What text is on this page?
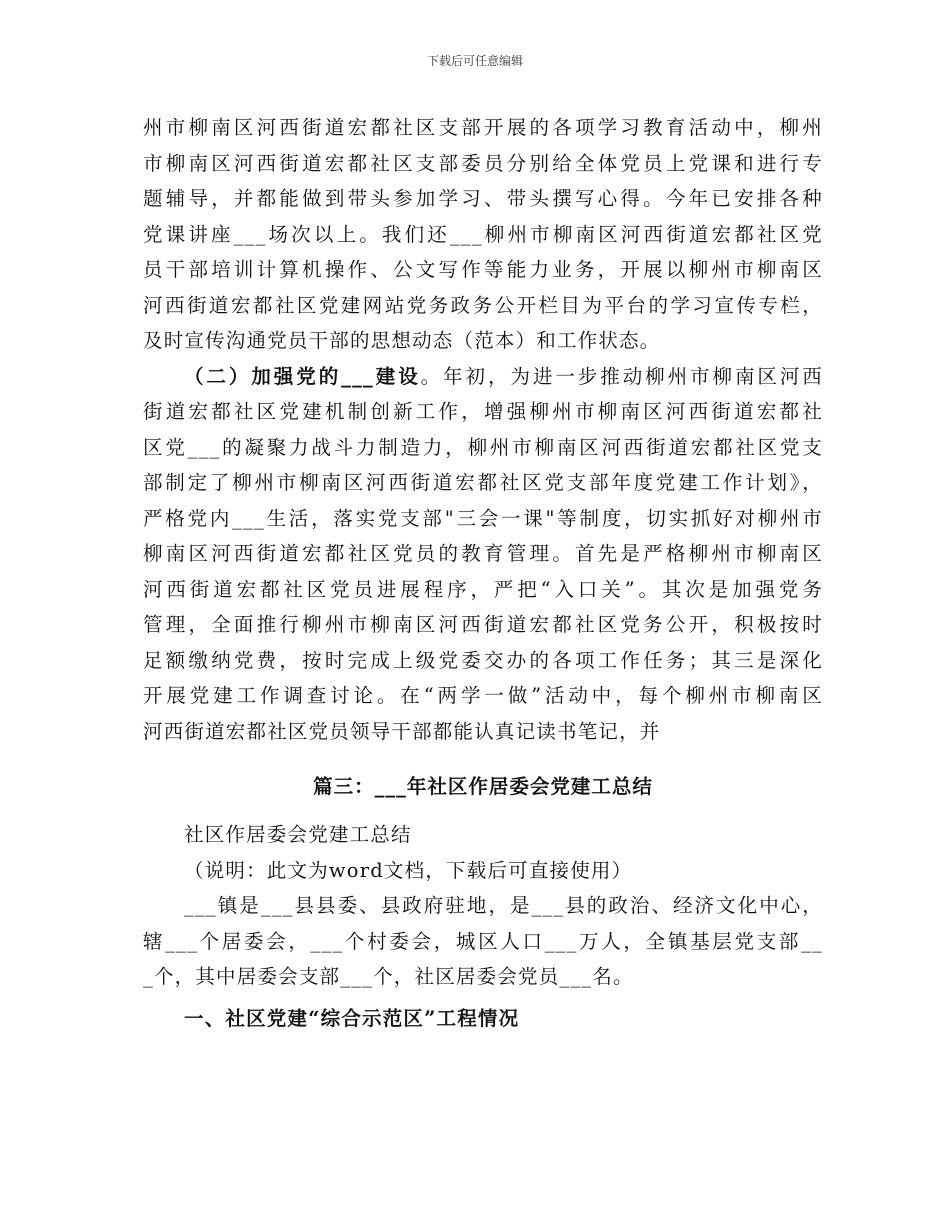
下载后可任意编辑
州市柳南区河西街道宏都社区支部开展的各项学习教育活动中，柳州
市柳南区河西街道宏都社区支部委员分别给全体党员上党课和进行专
题辅导，并都能做到带头参加学习、带头撰写心得。今年已安排各种
党课讲座___场次以上。我们还___柳州市柳南区河西街道宏都社区党
员干部培训计算机操作、公文写作等能力业务，开展以柳州市柳南区
河西街道宏都社区党建网站党务政务公开栏目为平台的学习宣传专栏，
及时宣传沟通党员干部的思想动态（范本）和工作状态。
（二）加强党的___建设。年初，为进一步推动柳州市柳南区河西
街道宏都社区党建机制创新工作，增强柳州市柳南区河西街道宏都社
区党___的凝聚力战斗力制造力，柳州市柳南区河西街道宏都社区党支
部制定了柳州市柳南区河西街道宏都社区党支部年度党建工作计划》，
严格党内___生活，落实党支部"三会一课"等制度，切实抓好对柳州市
柳南区河西街道宏都社区党员的教育管理。首先是严格柳州市柳南区
河西街道宏都社区党员进展程序，严把“入口关”。其次是加强党务
管理，全面推行柳州市柳南区河西街道宏都社区党务公开，积极按时
足额缴纳党费，按时完成上级党委交办的各项工作任务；其三是深化
开展党建工作调查讨论。在“两学一做”活动中，每个柳州市柳南区
河西街道宏都社区党员领导干部都能认真记读书笔记，并
篇三：___年社区作居委会党建工总结
社区作居委会党建工总结
（说明：此文为word文档，下载后可直接使用）
___镇是___县县委、县政府驻地，是___县的政治、经济文化中心，
辖___个居委会，___个村委会，城区人口___万人，全镇基层党支部__
_个，其中居委会支部___个，社区居委会党员___名。
一、社区党建“综合示范区”工程情况
